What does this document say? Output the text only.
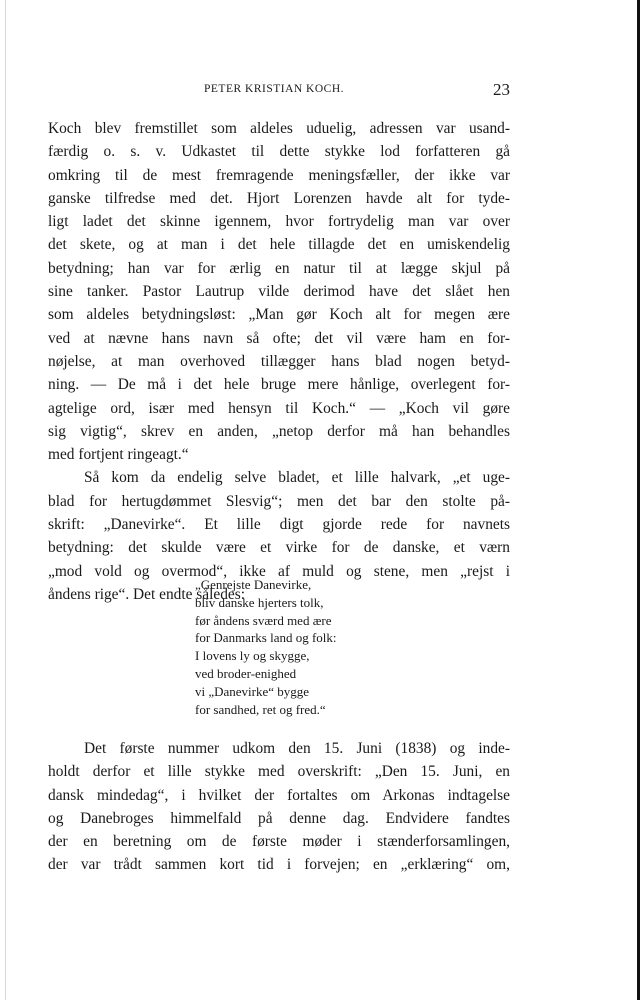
PETER KRISTIAN KOCH.	23
Koch blev fremstillet som aldeles uduelig, adressen var usand-
færdig o. s. v. Udkastet til dette stykke lod forfatteren gå
omkring til de mest fremragende meningsfæller, der ikke var
ganske tilfredse med det. Hjort Lorenzen havde alt for tyde-
ligt ladet det skinne igennem, hvor fortrydelig man var over
det skete, og at man i det hele tillagde det en umiskendelig
betydning; han var for ærlig en natur til at lægge skjul på
sine tanker. Pastor Lautrup vilde derimod have det slået hen
som aldeles betydningsløst: „Man gør Koch alt for megen ære
ved at nævne hans navn så ofte; det vil være ham en for-
nøjelse, at man overhoved tillægger hans blad nogen betyd-
ning. — De må i det hele bruge mere hånlige, overlegent for-
agtelige ord, især med hensyn til Koch.“ — „Koch vil gøre
sig vigtig“, skrev en anden, „netop derfor må han behandles
med fortjent ringeagt.“
Så kom da endelig selve bladet, et lille halvark, „et uge-
blad for hertugdømmet Slesvig“; men det bar den stolte på-
skrift: „Danevirke“. Et lille digt gjorde rede for navnets
betydning: det skulde være et virke for de danske, et værn
„mod vold og overmod“, ikke af muld og stene, men „rejst i
åndens rige“. Det endte således:
„Genrejste Danevirke,
bliv danske hjerters tolk,
før åndens sværd med ære
for Danmarks land og folk:
I lovens ly og skygge,
ved broder-enighed
vi „Danevirke“ bygge
for sandhed, ret og fred.“
Det første nummer udkom den 15. Juni (1838) og inde-
holdt derfor et lille stykke med overskrift: „Den 15. Juni, en
dansk mindedag“, i hvilket der fortaltes om Arkonas indtagelse
og Danebroges himmelfald på denne dag. Endvidere fandtes
der en beretning om de første møder i stænderforsamlingen,
der var trådt sammen kort tid i forvejen; en „erklæring“ om,
